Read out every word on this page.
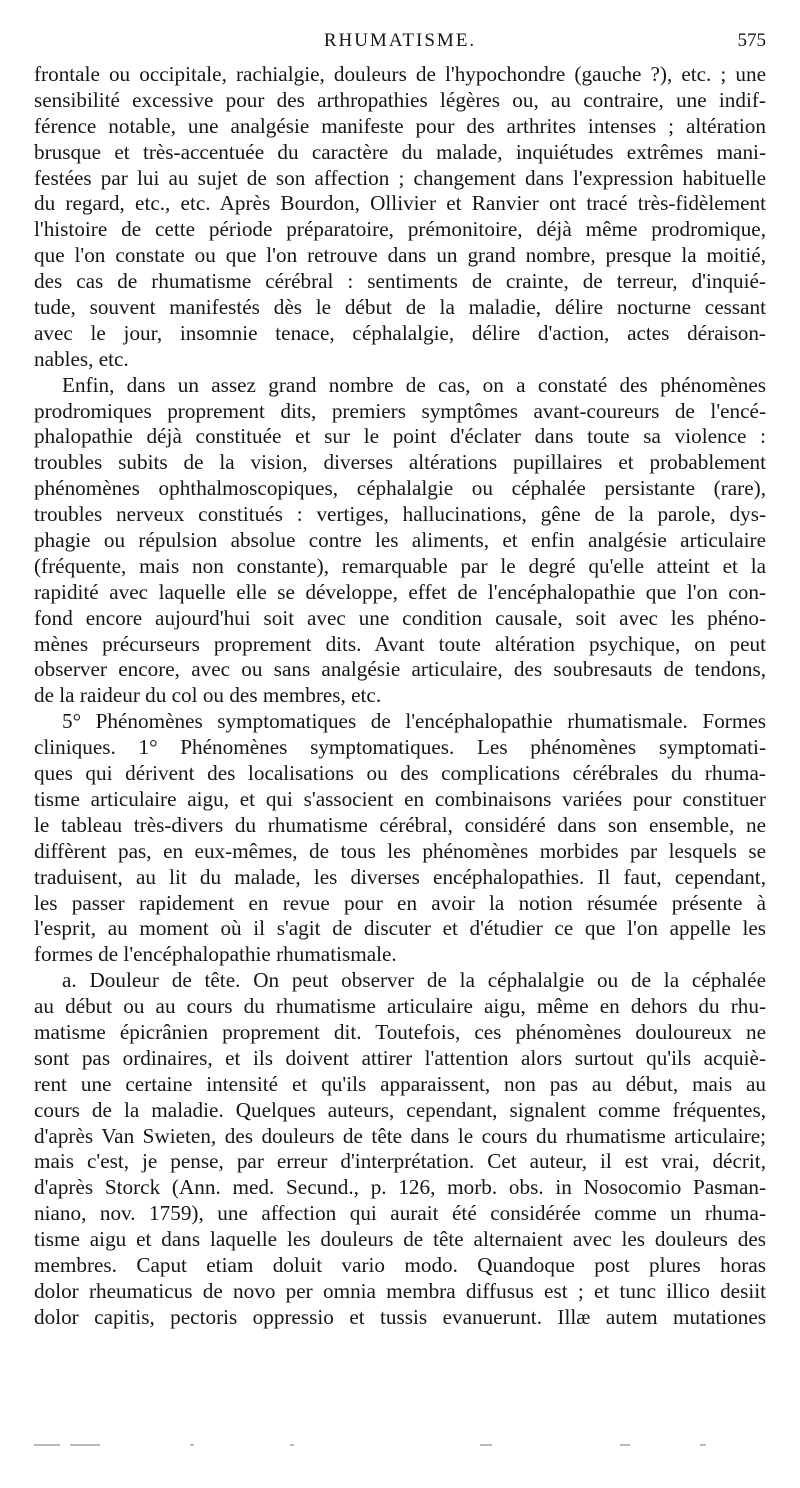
RHUMATISME.	575
frontale ou occipitale, rachialgie, douleurs de l'hypochondre (gauche ?), etc. ; une
sensibilité excessive pour des arthropathies légères ou, au contraire, une indif-
férence notable, une analgésie manifeste pour des arthrites intenses ; altération
brusque et très-accentuée du caractère du malade, inquiétudes extrêmes mani-
festées par lui au sujet de son affection ; changement dans l'expression habituelle
du regard, etc., etc. Après Bourdon, Ollivier et Ranvier ont tracé très-fidèlement
l'histoire de cette période préparatoire, prémonitoire, déjà même prodromique,
que l'on constate ou que l'on retrouve dans un grand nombre, presque la moitié,
des cas de rhumatisme cérébral : sentiments de crainte, de terreur, d'inquié-
tude, souvent manifestés dès le début de la maladie, délire nocturne cessant
avec le jour, insomnie tenace, céphalalgie, délire d'action, actes déraison-
nables, etc.
Enfin, dans un assez grand nombre de cas, on a constaté des phénomènes
prodromiques proprement dits, premiers symptômes avant-coureurs de l'encé-
phalopathie déjà constituée et sur le point d'éclater dans toute sa violence :
troubles subits de la vision, diverses altérations pupillaires et probablement
phénomènes ophthalmoscopiques, céphalalgie ou céphalée persistante (rare),
troubles nerveux constitués : vertiges, hallucinations, gêne de la parole, dys-
phagie ou répulsion absolue contre les aliments, et enfin analgésie articulaire
(fréquente, mais non constante), remarquable par le degré qu'elle atteint et la
rapidité avec laquelle elle se développe, effet de l'encéphalopathie que l'on con-
fond encore aujourd'hui soit avec une condition causale, soit avec les phéno-
mènes précurseurs proprement dits. Avant toute altération psychique, on peut
observer encore, avec ou sans analgésie articulaire, des soubresauts de tendons,
de la raideur du col ou des membres, etc.
5° Phénomènes symptomatiques de l'encéphalopathie rhumatismale. Formes
cliniques. 1° Phénomènes symptomatiques. Les phénomènes symptomati-
ques qui dérivent des localisations ou des complications cérébrales du rhuma-
tisme articulaire aigu, et qui s'associent en combinaisons variées pour constituer
le tableau très-divers du rhumatisme cérébral, considéré dans son ensemble, ne
diffèrent pas, en eux-mêmes, de tous les phénomènes morbides par lesquels se
traduisent, au lit du malade, les diverses encéphalopathies. Il faut, cependant,
les passer rapidement en revue pour en avoir la notion résumée présente à
l'esprit, au moment où il s'agit de discuter et d'étudier ce que l'on appelle les
formes de l'encéphalopathie rhumatismale.
a. Douleur de tête. On peut observer de la céphalalgie ou de la céphalée
au début ou au cours du rhumatisme articulaire aigu, même en dehors du rhu-
matisme épicrânien proprement dit. Toutefois, ces phénomènes douloureux ne
sont pas ordinaires, et ils doivent attirer l'attention alors surtout qu'ils acquiè-
rent une certaine intensité et qu'ils apparaissent, non pas au début, mais au
cours de la maladie. Quelques auteurs, cependant, signalent comme fréquentes,
d'après Van Swieten, des douleurs de tête dans le cours du rhumatisme articulaire;
mais c'est, je pense, par erreur d'interprétation. Cet auteur, il est vrai, décrit,
d'après Storck (Ann. med. Secund., p. 126, morb. obs. in Nosocomio Pasman-
niano, nov. 1759), une affection qui aurait été considérée comme un rhuma-
tisme aigu et dans laquelle les douleurs de tête alternaient avec les douleurs des
membres. Caput etiam doluit vario modo. Quandoque post plures horas
dolor rheumaticus de novo per omnia membra diffusus est ; et tunc illico desiit
dolor capitis, pectoris oppressio et tussis evanuerunt. Illæ autem mutationes
